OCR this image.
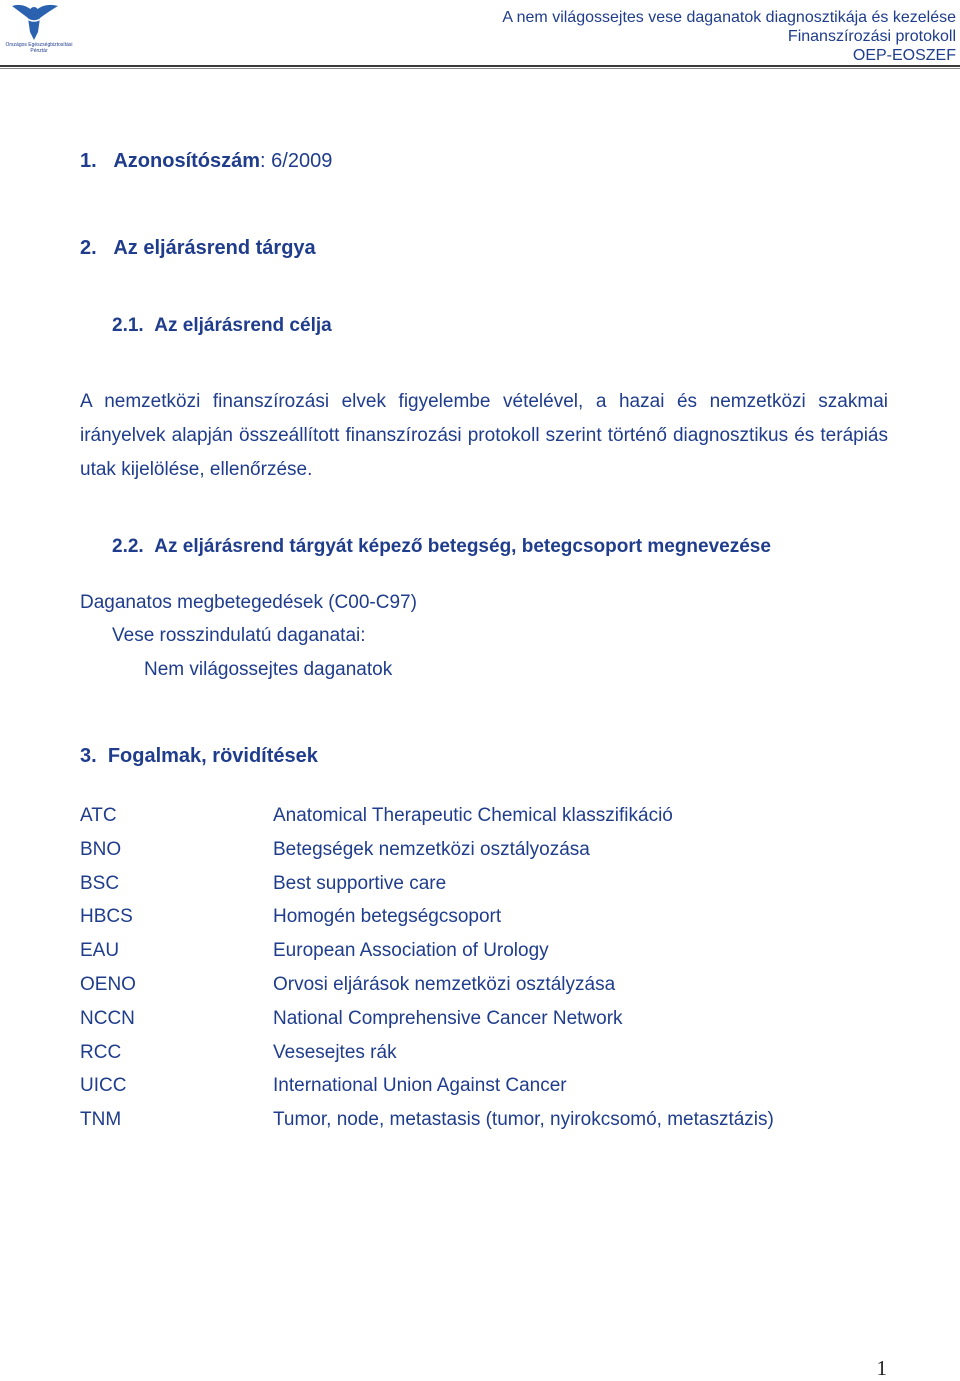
Országos Egészségbiztosítási Pénztár
A nem világossejtes vese daganatok diagnosztikája és kezelése
Finanszírozási protokoll
OEP-EOSZEF
1. Azonosítószám: 6/2009
2. Az eljárásrend tárgya
2.1. Az eljárásrend célja
A nemzetközi finanszírozási elvek figyelembe vételével, a hazai és nemzetközi szakmai irányelvek alapján összeállított finanszírozási protokoll szerint történő diagnosztikus és terápiás utak kijelölése, ellenőrzése.
2.2. Az eljárásrend tárgyát képező betegség, betegcsoport megnevezése
Daganatos megbetegedések (C00-C97)
Vese rosszindulatú daganatai:
Nem világossejtes daganatok
3. Fogalmak, rövidítések
ATC	Anatomical Therapeutic Chemical klasszifikáció
BNO	Betegségek nemzetközi osztályozása
BSC	Best supportive care
HBCS	Homogén betegségcsoport
EAU	European Association of Urology
OENO	Orvosi eljárások nemzetközi osztályzása
NCCN	National Comprehensive Cancer Network
RCC	Vesesejtes rák
UICC	International Union Against Cancer
TNM	Tumor, node, metastasis (tumor, nyirokcsomó, metasztázis)
1
